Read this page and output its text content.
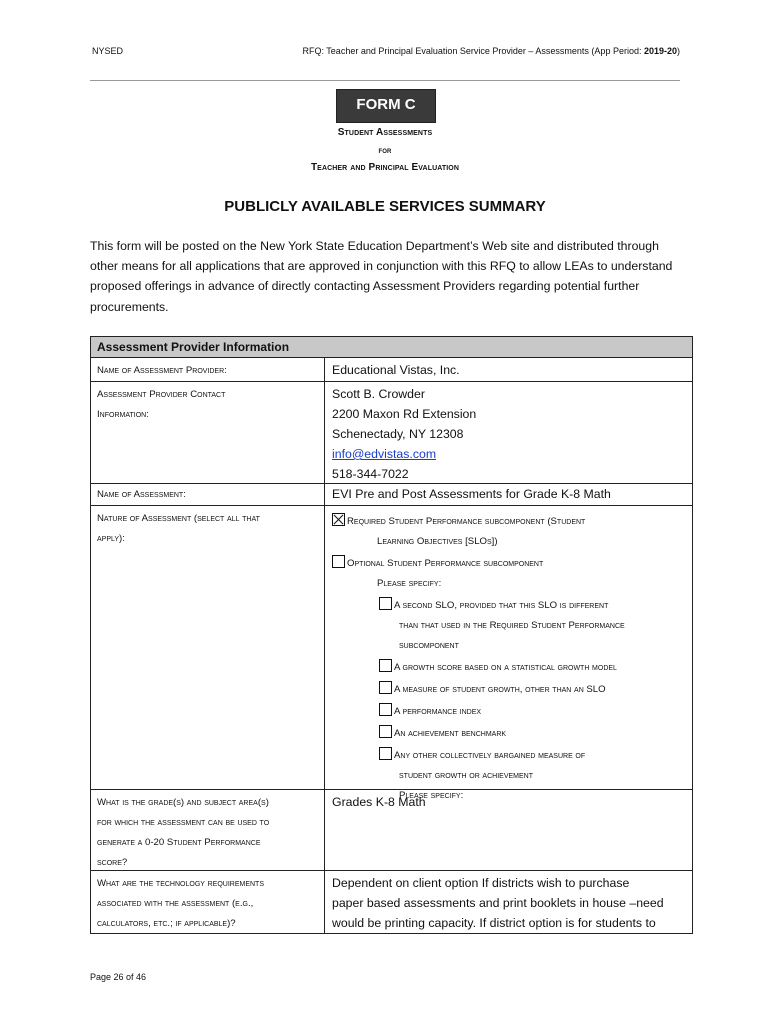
NYSED	RFQ: Teacher and Principal Evaluation Service Provider – Assessments (App Period: 2019-20)
FORM C
Student Assessments
for
Teacher and Principal Evaluation
PUBLICLY AVAILABLE SERVICES SUMMARY
This form will be posted on the New York State Education Department’s Web site and distributed through other means for all applications that are approved in conjunction with this RFQ to allow LEAs to understand proposed offerings in advance of directly contacting Assessment Providers regarding potential further procurements.
Assessment Provider Information
Name of Assessment Provider:	Educational Vistas, Inc.
Assessment Provider Contact
Information:
Scott B. Crowder
2200 Maxon Rd Extension
Schenectady, NY 12308
info@edvistas.com
518-344-7022
Name of Assessment:	EVI Pre and Post Assessments for Grade K-8 Math
Nature of Assessment (select all that
apply):
Required Student Performance subcomponent (Student
Learning Objectives [SLOs])
Optional Student Performance subcomponent
Please specify:
A second SLO, provided that this SLO is different
than that used in the Required Student Performance
subcomponent
A growth score based on a statistical growth model
A measure of student growth, other than an SLO
A performance index
An achievement benchmark
Any other collectively bargained measure of
student growth or achievement
Please specify:
What is the grade(s) and subject area(s)
for which the assessment can be used to
generate a 0-20 Student Performance
score?
Grades K-8 Math
What are the technology requirements
associated with the assessment (e.g.,
calculators, etc.; if applicable)?
Dependent on client option If districts wish to purchase
paper based assessments and print booklets in house –need
would be printing capacity. If district option is for students to
Page 26 of 46
